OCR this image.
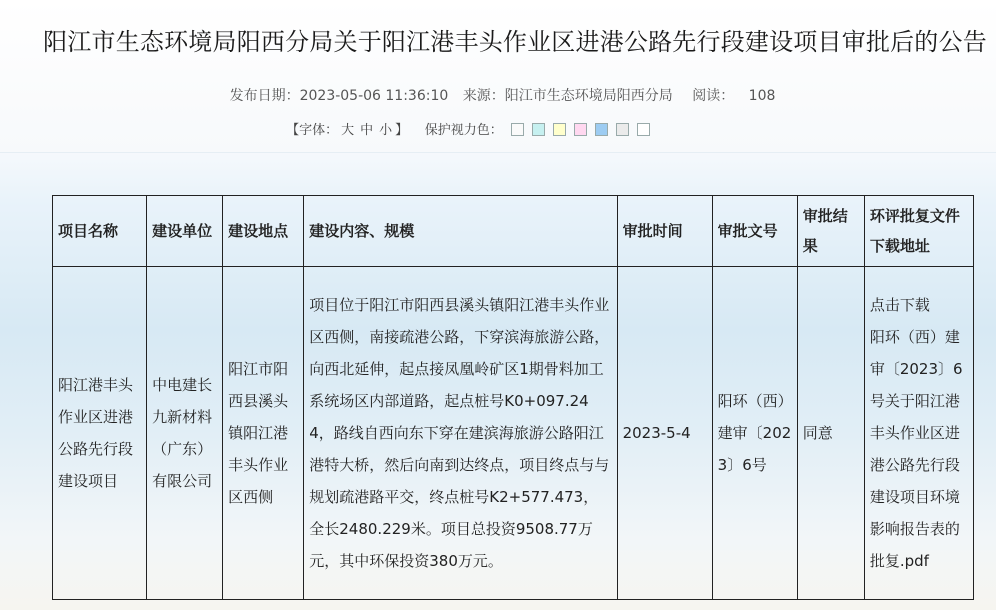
阳江市生态环境局阳西分局关于阳江港丰头作业区进港公路先行段建设项目审批后的公告
发布日期：2023-05-06 11:36:10 来源：阳江市生态环境局阳西分局 阅读： 108
【字体： 大 中 小 】 保护视力色：
项目名称	建设单位	建设地点	建设内容、规模	审批时间	审批文号	审批结果	环评批复文件下载地址
阳江港丰头作业区进港公路先行段建设项目	中电建长九新材料（广东）有限公司	阳江市阳西县溪头镇阳江港丰头作业区西侧	项目位于阳江市阳西县溪头镇阳江港丰头作业区西侧，南接疏港公路，下穿滨海旅游公路，向西北延伸，起点接凤凰岭矿区1期骨料加工系统场区内部道路，起点桩号K0+097.244，路线自西向东下穿在建滨海旅游公路阳江港特大桥，然后向南到达终点，项目终点与与规划疏港路平交，终点桩号K2+577.473，全长2480.229米。项目总投资9508.77万元，其中环保投资380万元。	2023-5-4	阳环（西）建审〔2023〕6号	同意	点击下载
阳环（西）建审〔2023〕6号关于阳江港丰头作业区进港公路先行段建设项目环境影响报告表的批复.pdf
